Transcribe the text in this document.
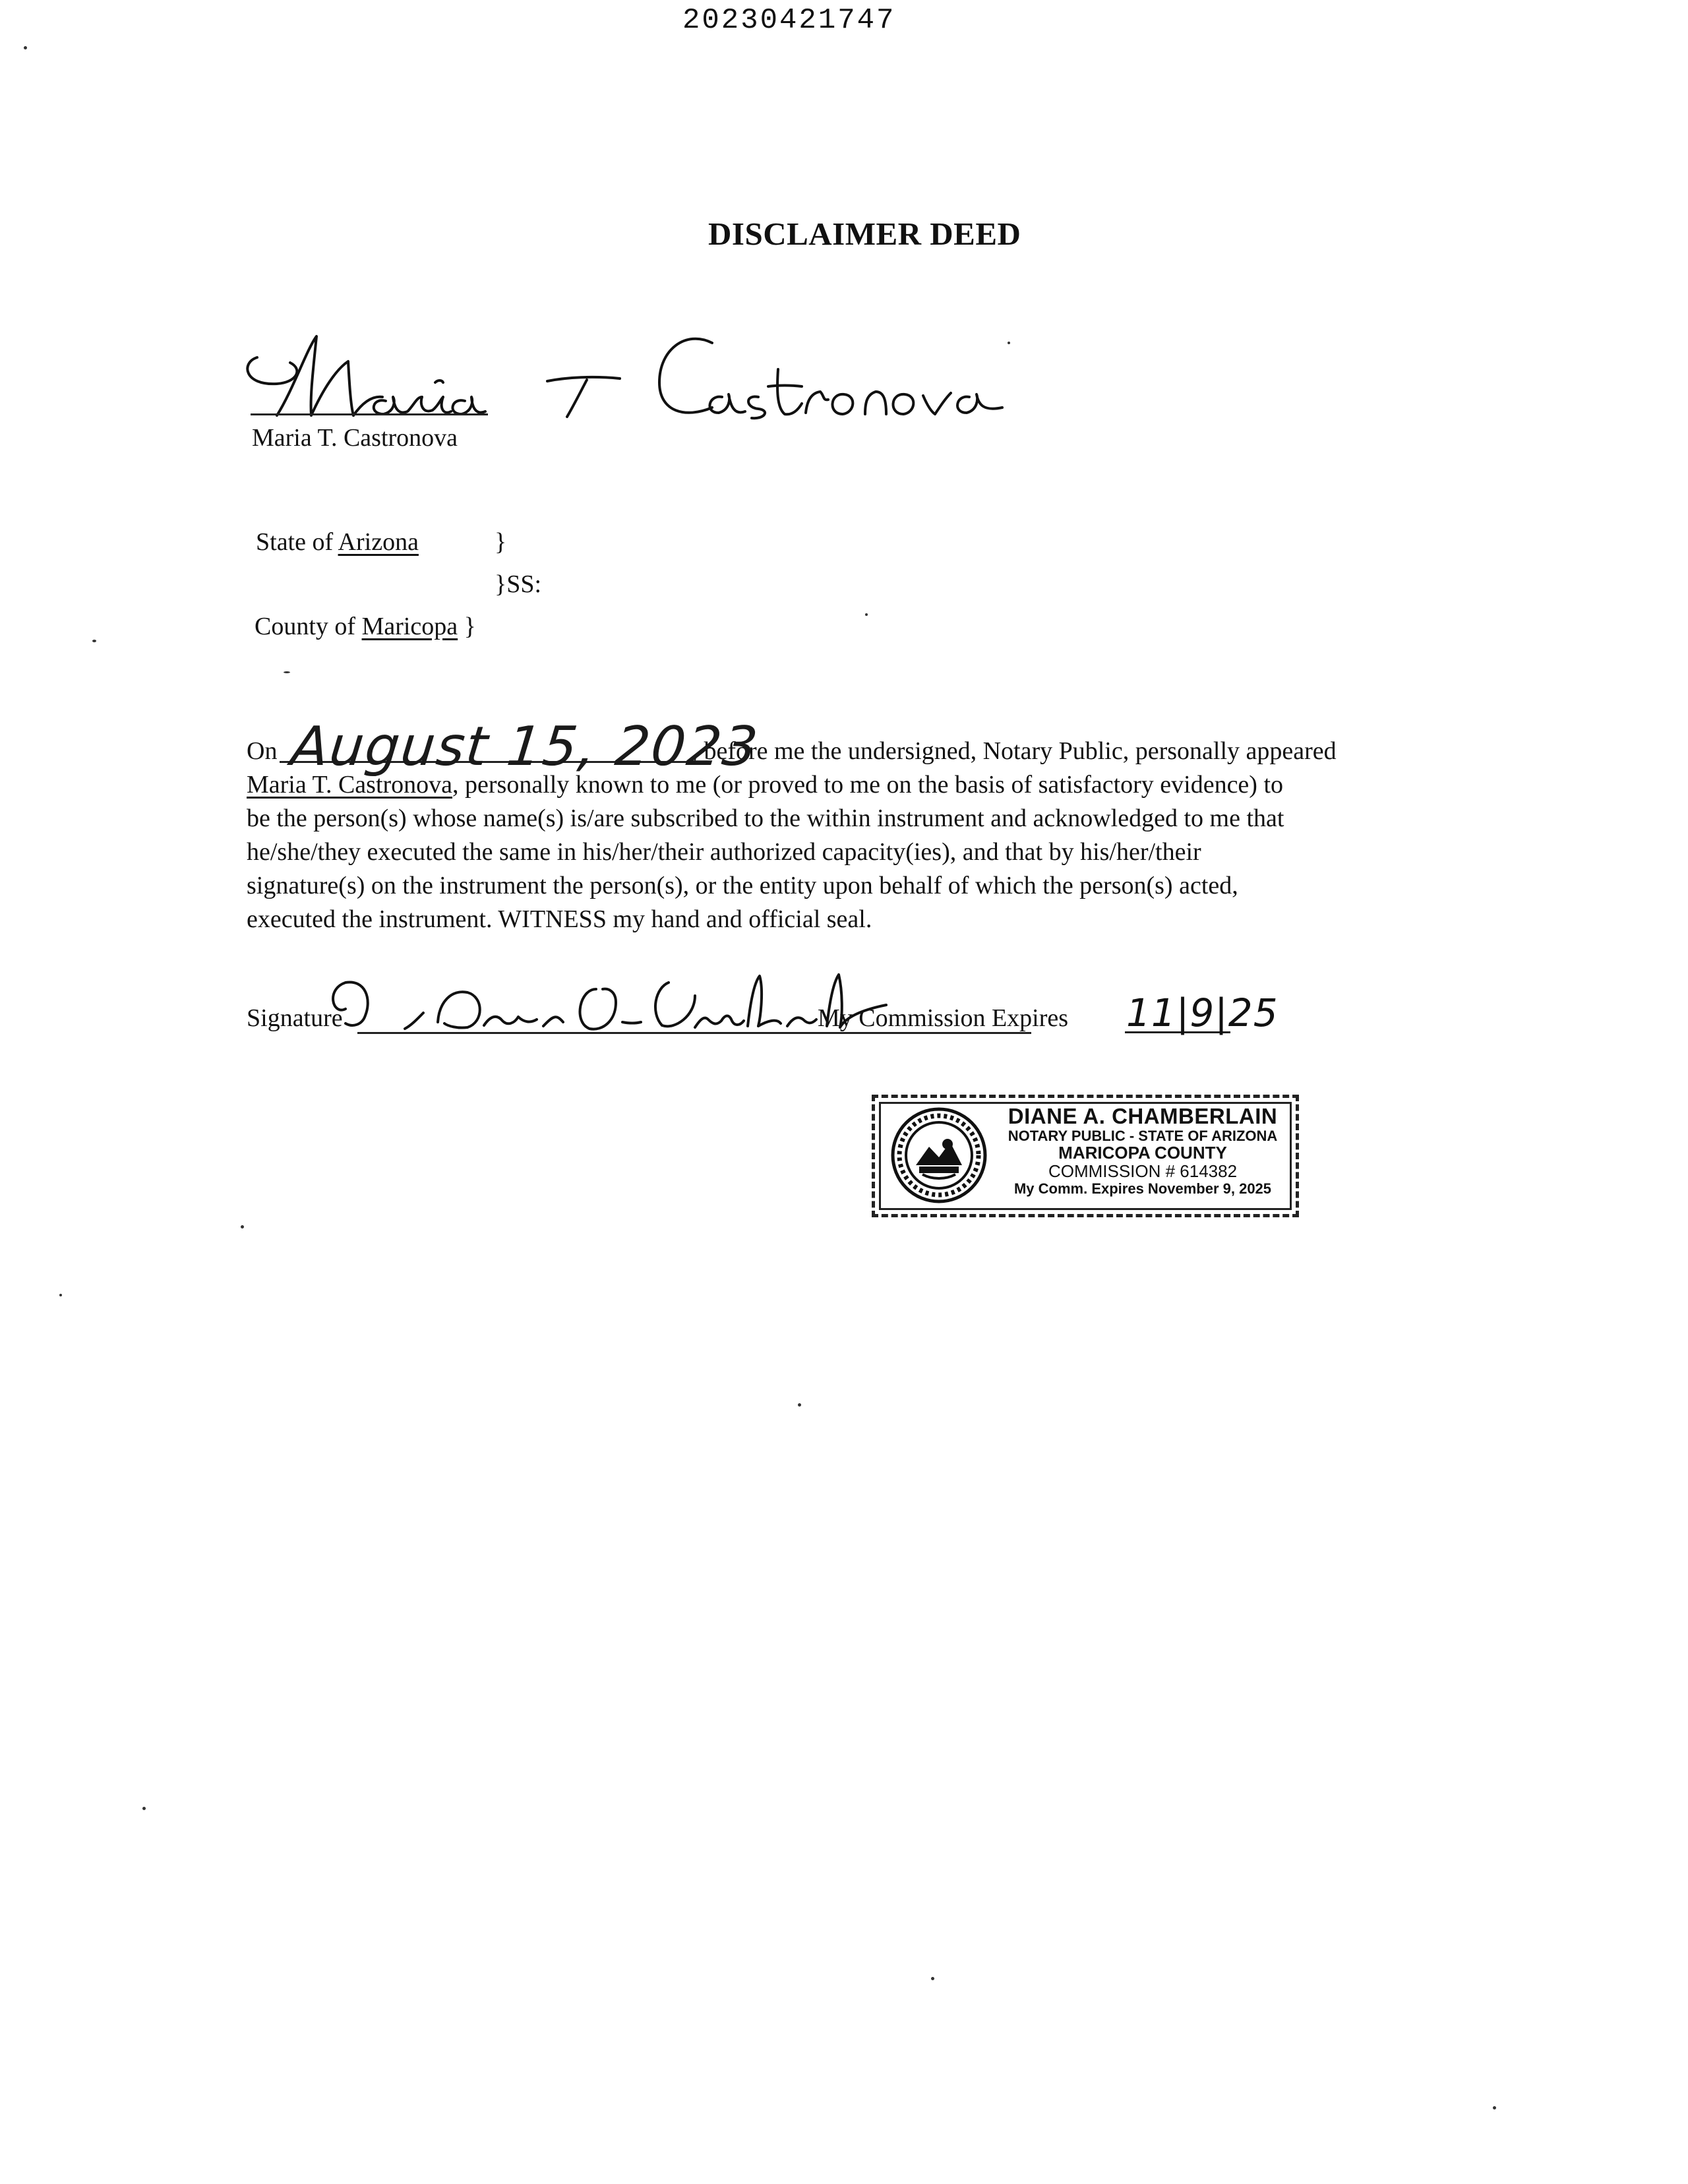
20230421747
DISCLAIMER DEED
Maria T. Castronova
State of Arizona	}
}SS:
County of Maricopa }
On August 15, 2023
, before me the undersigned, Notary Public, personally appeared
Maria T. Castronova, personally known to me (or proved to me on the basis of satisfactory evidence) to
be the person(s) whose name(s) is/are subscribed to the within instrument and acknowledged to me that
he/she/they executed the same in his/her/their authorized capacity(ies), and that by his/her/their
signature(s) on the instrument the person(s), or the entity upon behalf of which the person(s) acted,
executed the instrument. WITNESS my hand and official seal.
Signature	My Commission Expires 11|9|25
DIANE A. CHAMBERLAIN
NOTARY PUBLIC - STATE OF ARIZONA
MARICOPA COUNTY
COMMISSION # 614382
My Comm. Expires November 9, 2025
